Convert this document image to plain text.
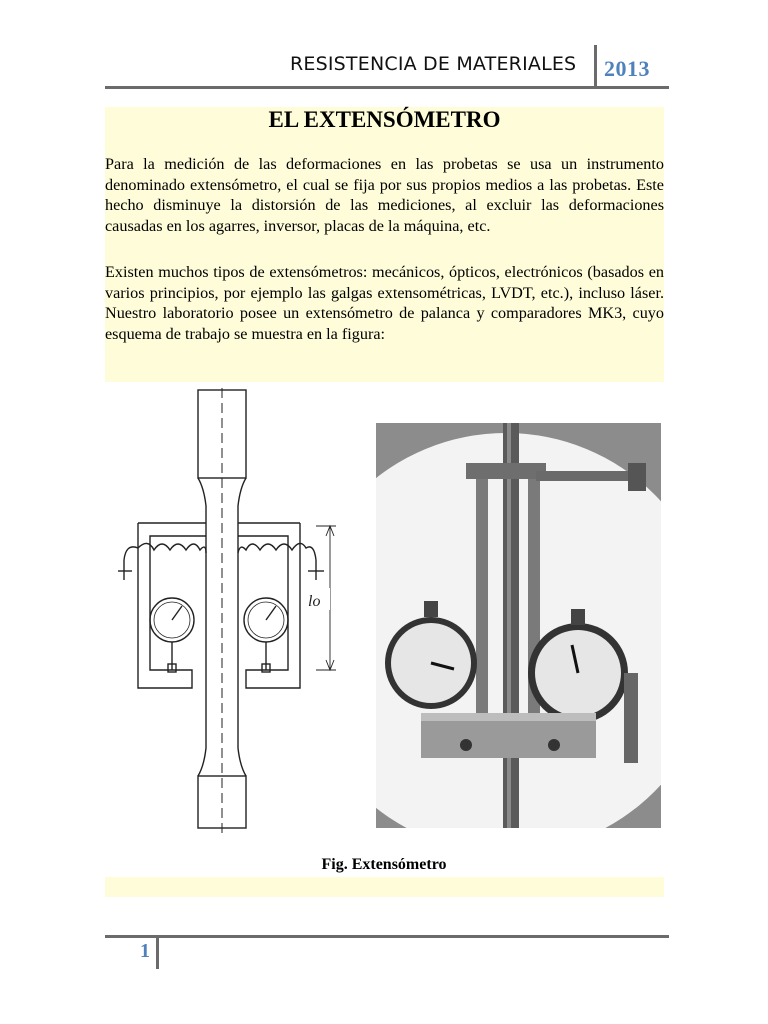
RESISTENCIA DE MATERIALES 2013
EL EXTENSÓMETRO

Para la medición de las deformaciones en las probetas se usa un instrumento denominado extensómetro, el cual se fija por sus propios medios a las probetas. Este hecho disminuye la distorsión de las mediciones, al excluir las deformaciones causadas en los agarres, inversor, placas de la máquina, etc.

Existen muchos tipos de extensómetros: mecánicos, ópticos, electrónicos (basados en varios principios, por ejemplo las galgas extensométricas, LVDT, etc.), incluso láser. Nuestro laboratorio posee un extensómetro de palanca y comparadores MK3, cuyo esquema de trabajo se muestra en la figura:

lo
Fig. Extensómetro
1
